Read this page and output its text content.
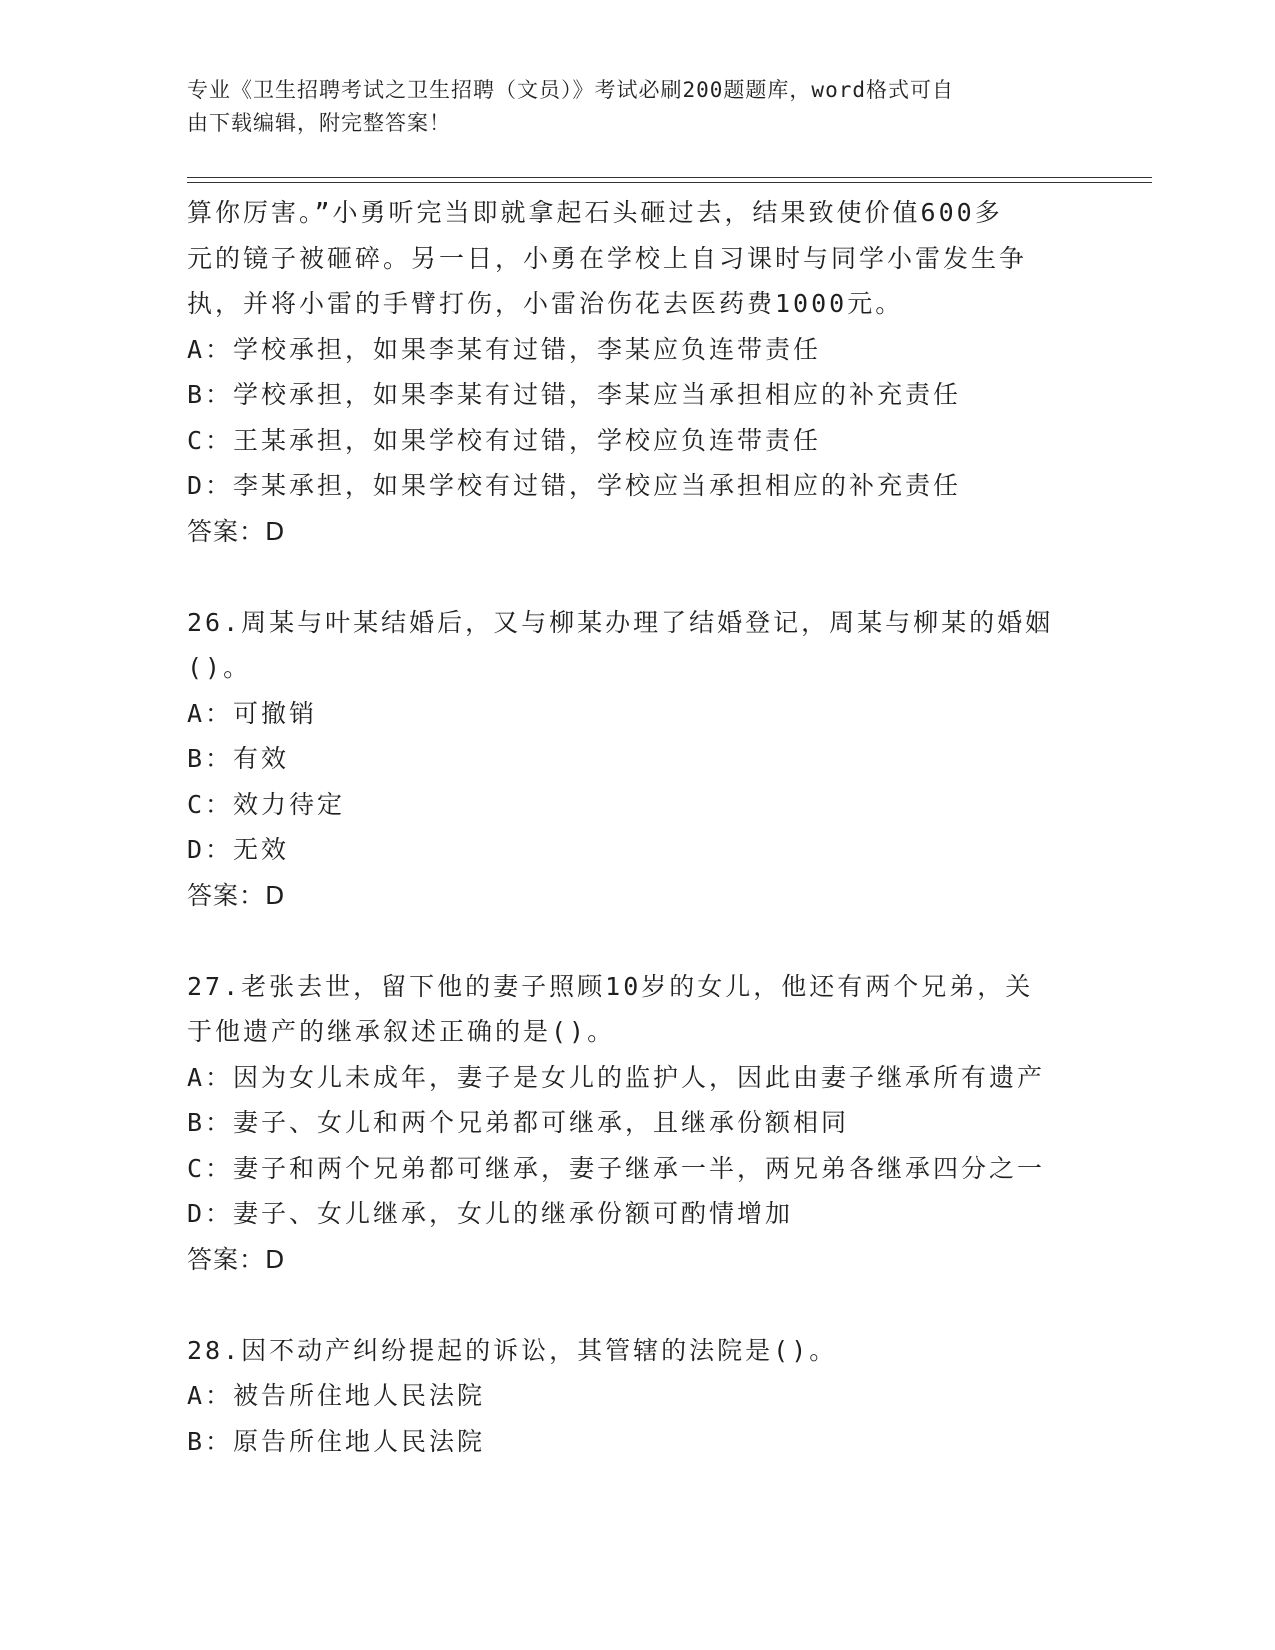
专业《卫生招聘考试之卫生招聘（文员）》考试必刷200题题库，word格式可自
由下载编辑，附完整答案！
算你厉害。”小勇听完当即就拿起石头砸过去，结果致使价值600多
元的镜子被砸碎。另一日，小勇在学校上自习课时与同学小雷发生争
执，并将小雷的手臂打伤，小雷治伤花去医药费1000元。
A：学校承担，如果李某有过错，李某应负连带责任
B：学校承担，如果李某有过错，李某应当承担相应的补充责任
C：王某承担，如果学校有过错，学校应负连带责任
D：李某承担，如果学校有过错，学校应当承担相应的补充责任
答案：D
26.周某与叶某结婚后，又与柳某办理了结婚登记，周某与柳某的婚姻
()。
A：可撤销
B：有效
C：效力待定
D：无效
答案：D
27.老张去世，留下他的妻子照顾10岁的女儿，他还有两个兄弟，关
于他遗产的继承叙述正确的是()。
A：因为女儿未成年，妻子是女儿的监护人，因此由妻子继承所有遗产
B：妻子、女儿和两个兄弟都可继承，且继承份额相同
C：妻子和两个兄弟都可继承，妻子继承一半，两兄弟各继承四分之一
D：妻子、女儿继承，女儿的继承份额可酌情增加
答案：D
28.因不动产纠纷提起的诉讼，其管辖的法院是()。
A：被告所住地人民法院
B：原告所住地人民法院
